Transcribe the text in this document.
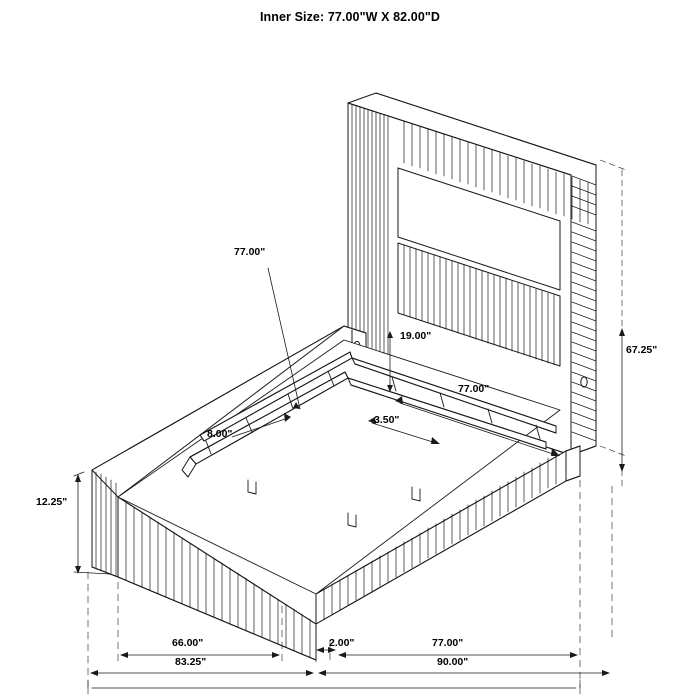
Inner Size: 77.00"W X 82.00"D
77.00"
19.00"
77.00"
3.50"
8.00"
12.25"
67.25"
66.00"
83.25"
2.00"	77.00"
90.00"
